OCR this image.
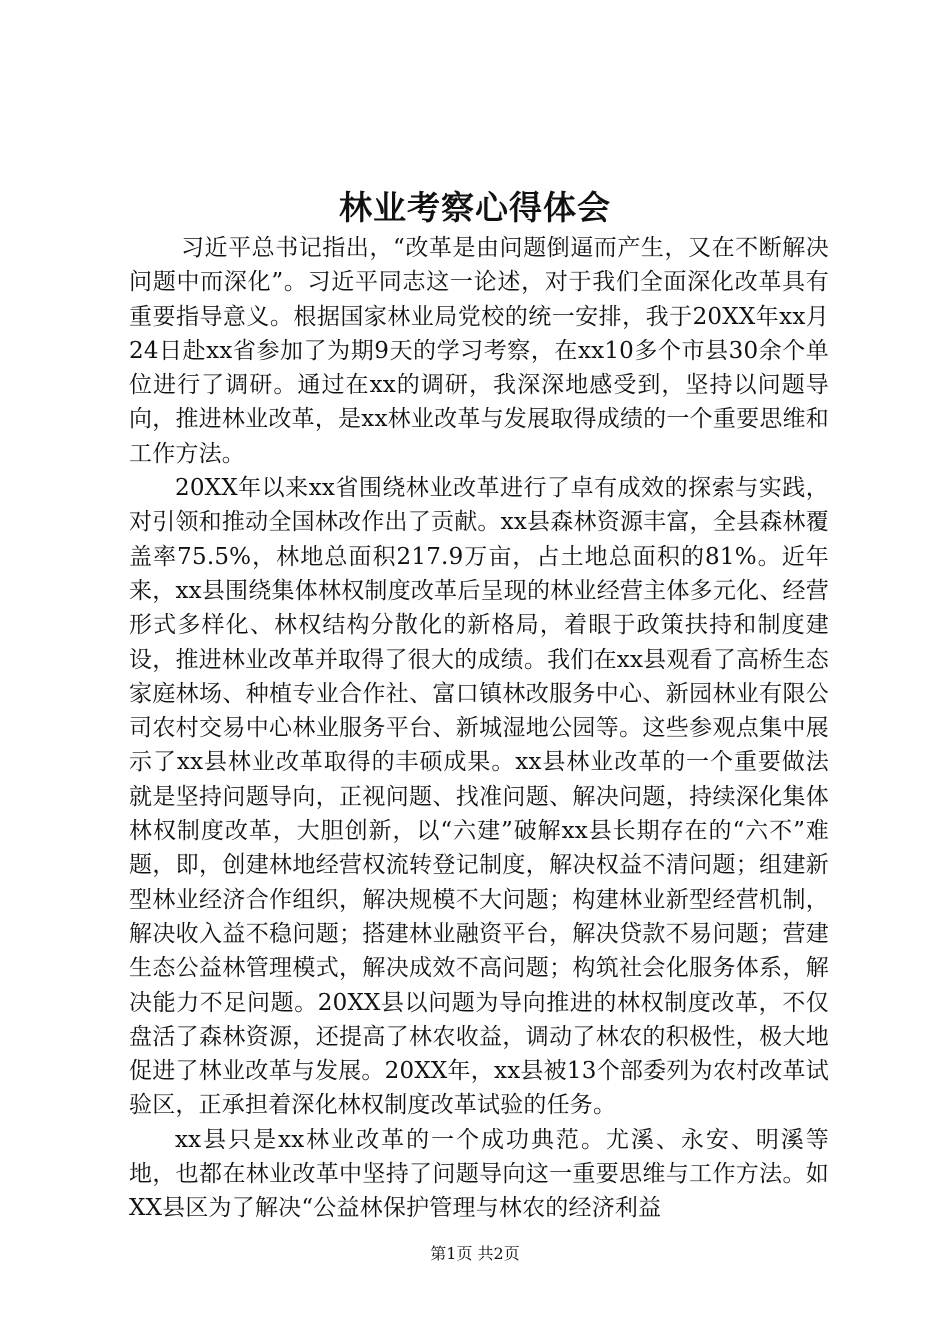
林业考察心得体会

习近平总书记指出，“改革是由问题倒逼而产生，又在不断解决问题中而深化”。习近平同志这一论述，对于我们全面深化改革具有重要指导意义。根据国家林业局党校的统一安排，我于20XX年xx月24日赴xx省参加了为期9天的学习考察，在xx10多个市县30余个单位进行了调研。通过在xx的调研，我深深地感受到，坚持以问题导向，推进林业改革，是xx林业改革与发展取得成绩的一个重要思维和工作方法。

20XX年以来xx省围绕林业改革进行了卓有成效的探索与实践，对引领和推动全国林改作出了贡献。xx县森林资源丰富，全县森林覆盖率75.5%，林地总面积217.9万亩，占土地总面积的81%。近年来，xx县围绕集体林权制度改革后呈现的林业经营主体多元化、经营形式多样化、林权结构分散化的新格局，着眼于政策扶持和制度建设，推进林业改革并取得了很大的成绩。我们在xx县观看了高桥生态家庭林场、种植专业合作社、富口镇林改服务中心、新园林业有限公司农村交易中心林业服务平台、新城湿地公园等。这些参观点集中展示了xx县林业改革取得的丰硕成果。xx县林业改革的一个重要做法就是坚持问题导向，正视问题、找准问题、解决问题，持续深化集体林权制度改革，大胆创新，以“六建”破解xx县长期存在的“六不”难题，即，创建林地经营权流转登记制度，解决权益不清问题；组建新型林业经济合作组织，解决规模不大问题；构建林业新型经营机制，解决收入益不稳问题；搭建林业融资平台，解决贷款不易问题；营建生态公益林管理模式，解决成效不高问题；构筑社会化服务体系，解决能力不足问题。20XX县以问题为导向推进的林权制度改革，不仅盘活了森林资源，还提高了林农收益，调动了林农的积极性，极大地促进了林业改革与发展。20XX年，xx县被13个部委列为农村改革试验区，正承担着深化林权制度改革试验的任务。

xx县只是xx林业改革的一个成功典范。尤溪、永安、明溪等地，也都在林业改革中坚持了问题导向这一重要思维与工作方法。如XX县区为了解决“公益林保护管理与林农的经济利益

第1页 共2页
